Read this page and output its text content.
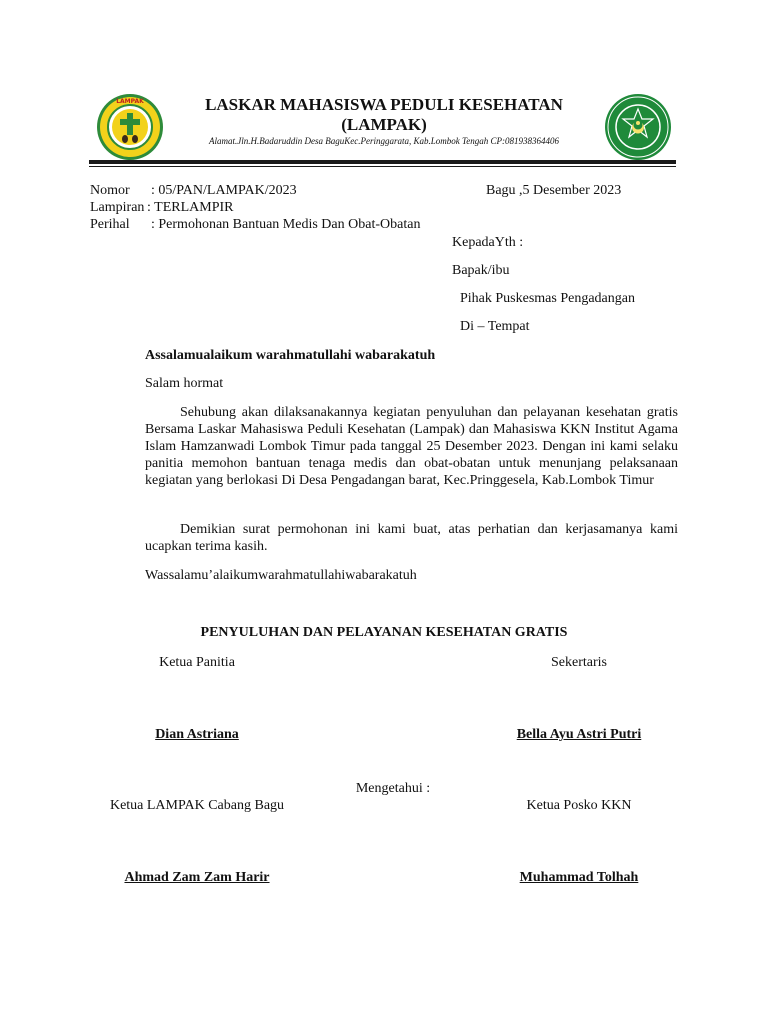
LAMPAK	LASKAR MAHASISWA PEDULI KESEHATAN
(LAMPAK)
Alamat.Jln.H.Badaruddin Desa BaguKec.Peringgarata, Kab.Lombok Tengah CP:081938364406
Nomor : 05/PAN/LAMPAK/2023	Bagu ,5 Desember 2023
Lampiran : TERLAMPIR
Perihal : Permohonan Bantuan Medis Dan Obat-Obatan
KepadaYth :
Bapak/ibu
Pihak Puskesmas Pengadangan
Di – Tempat
Assalamualaikum warahmatullahi wabarakatuh
Salam hormat
Sehubung akan dilaksanakannya kegiatan penyuluhan dan pelayanan kesehatan gratis Bersama Laskar Mahasiswa Peduli Kesehatan (Lampak) dan Mahasiswa KKN Institut Agama Islam Hamzanwadi Lombok Timur pada tanggal 25 Desember 2023. Dengan ini kami selaku panitia memohon bantuan tenaga medis dan obat-obatan untuk menunjang pelaksanaan kegiatan yang berlokasi Di Desa Pengadangan barat, Kec.Pringgesela, Kab.Lombok Timur
Demikian surat permohonan ini kami buat, atas perhatian dan kerjasamanya kami ucapkan terima kasih.
Wassalamu’alaikumwarahmatullahiwabarakatuh
PENYULUHAN DAN PELAYANAN KESEHATAN GRATIS
Ketua Panitia	Sekertaris
Dian Astriana	Bella Ayu Astri Putri
Mengetahui :
Ketua LAMPAK Cabang Bagu	Ketua Posko KKN
Ahmad Zam Zam Harir	Muhammad Tolhah
